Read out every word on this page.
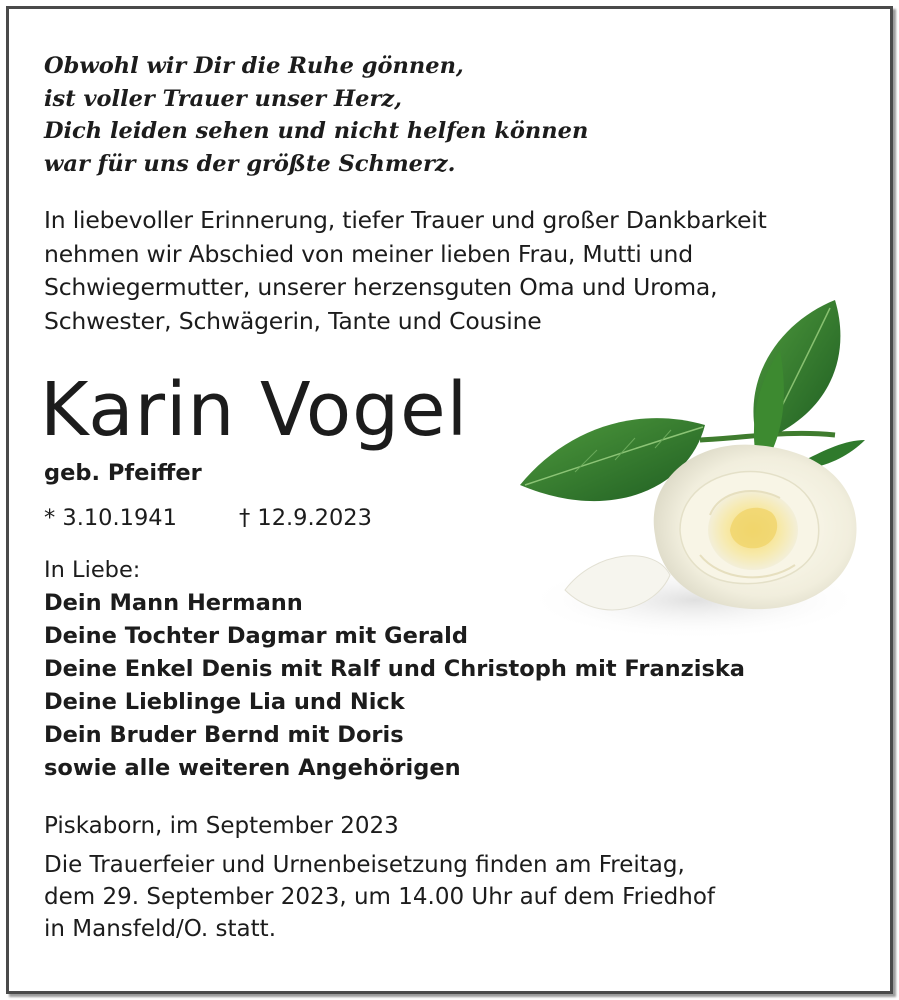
Obwohl wir Dir die Ruhe gönnen,
ist voller Trauer unser Herz,
Dich leiden sehen und nicht helfen können
war für uns der größte Schmerz.
In liebevoller Erinnerung, tiefer Trauer und großer Dankbarkeit
nehmen wir Abschied von meiner lieben Frau, Mutti und
Schwiegermutter, unserer herzensguten Oma und Uroma,
Schwester, Schwägerin, Tante und Cousine
Karin Vogel
geb. Pfeiffer
* 3.10.1941	† 12.9.2023
In Liebe:
Dein Mann Hermann
Deine Tochter Dagmar mit Gerald
Deine Enkel Denis mit Ralf und Christoph mit Franziska
Deine Lieblinge Lia und Nick
Dein Bruder Bernd mit Doris
sowie alle weiteren Angehörigen
Piskaborn, im September 2023
Die Trauerfeier und Urnenbeisetzung finden am Freitag,
dem 29. September 2023, um 14.00 Uhr auf dem Friedhof
in Mansfeld/O. statt.
